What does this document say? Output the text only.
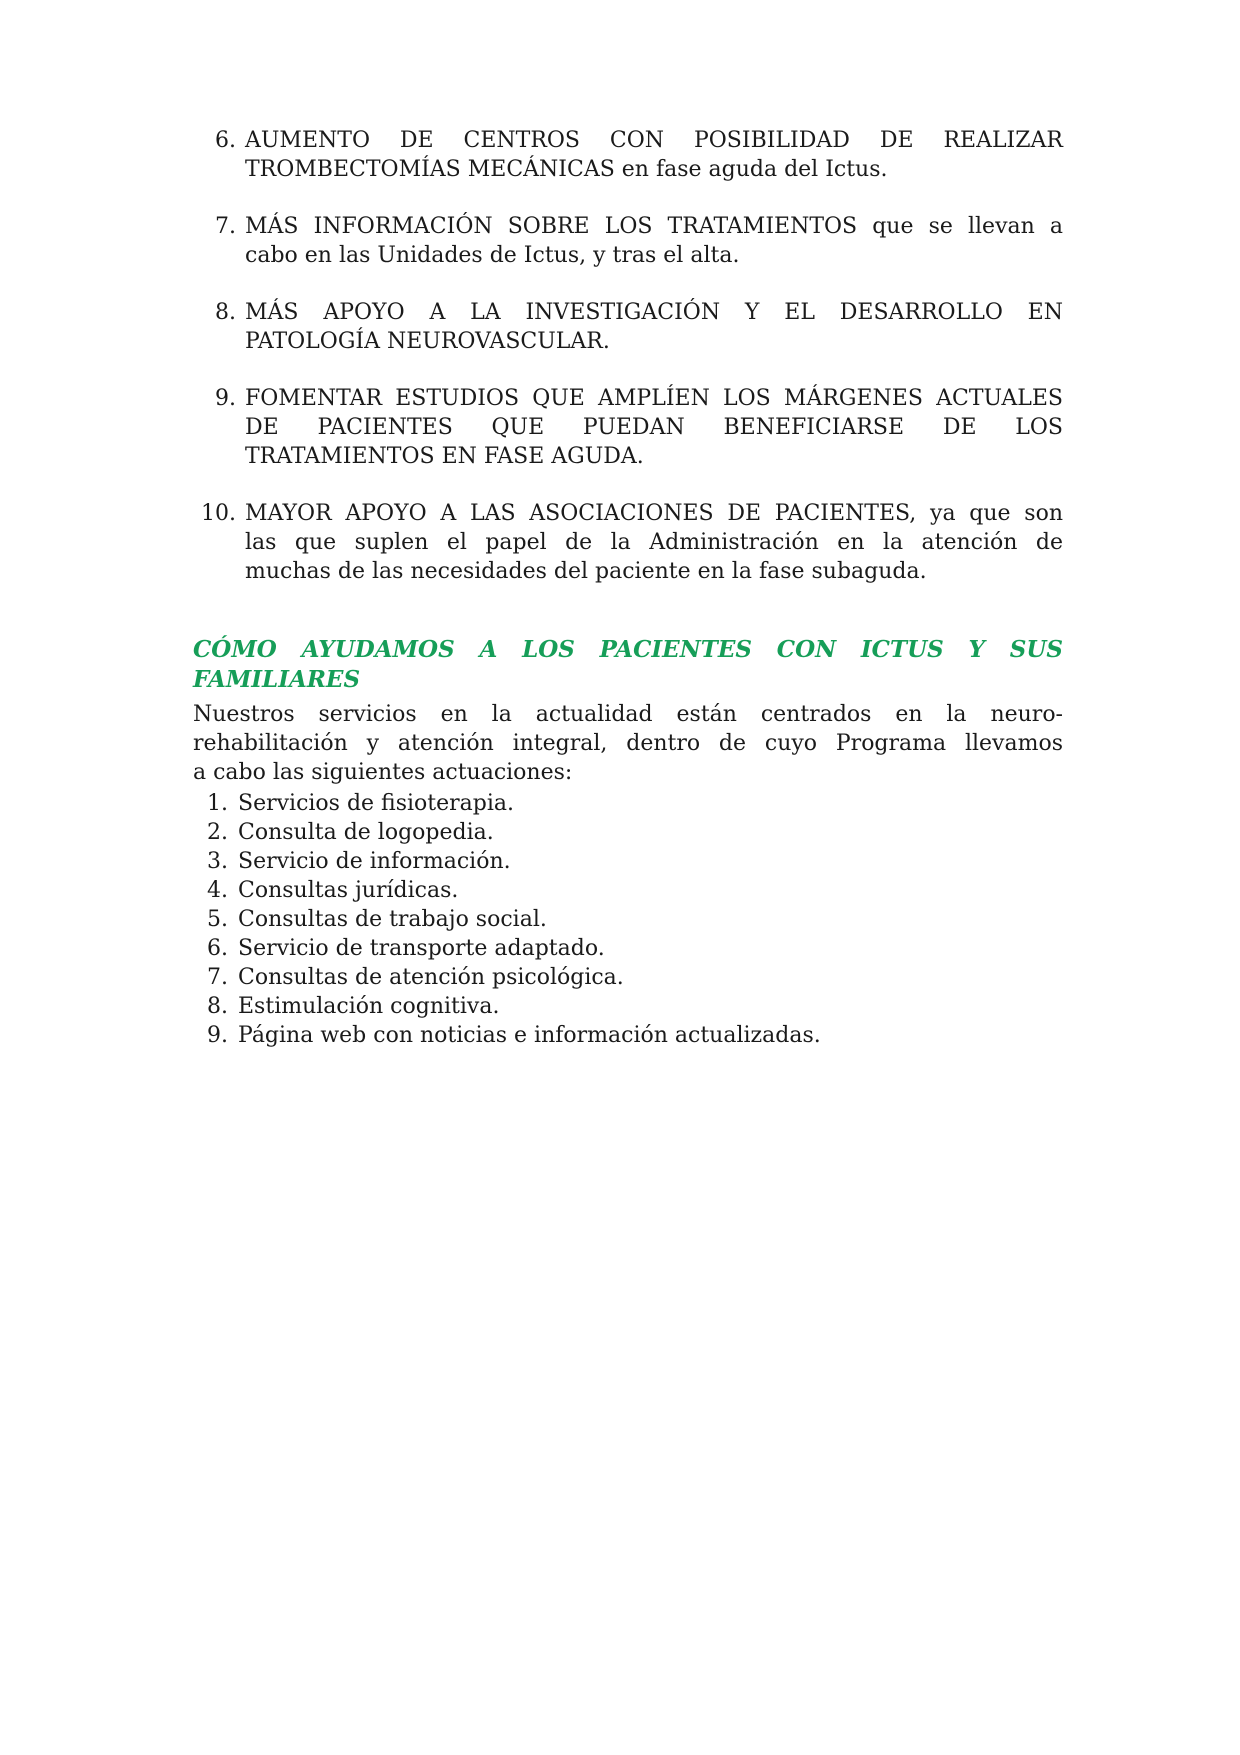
6. AUMENTO DE CENTROS CON POSIBILIDAD DE REALIZAR
TROMBECTOMÍAS MECÁNICAS en fase aguda del Ictus.
7. MÁS INFORMACIÓN SOBRE LOS TRATAMIENTOS que se llevan a
cabo en las Unidades de Ictus, y tras el alta.
8. MÁS APOYO A LA INVESTIGACIÓN Y EL DESARROLLO EN
PATOLOGÍA NEUROVASCULAR.
9. FOMENTAR ESTUDIOS QUE AMPLÍEN LOS MÁRGENES ACTUALES
DE PACIENTES QUE PUEDAN BENEFICIARSE DE LOS
TRATAMIENTOS EN FASE AGUDA.
10. MAYOR APOYO A LAS ASOCIACIONES DE PACIENTES, ya que son
las que suplen el papel de la Administración en la atención de
muchas de las necesidades del paciente en la fase subaguda.
CÓMO AYUDAMOS A LOS PACIENTES CON ICTUS Y SUS
FAMILIARES
Nuestros servicios en la actualidad están centrados en la neuro-
rehabilitación y atención integral, dentro de cuyo Programa llevamos
a cabo las siguientes actuaciones:
1. Servicios de fisioterapia.
2. Consulta de logopedia.
3. Servicio de información.
4. Consultas jurídicas.
5. Consultas de trabajo social.
6. Servicio de transporte adaptado.
7. Consultas de atención psicológica.
8. Estimulación cognitiva.
9. Página web con noticias e información actualizadas.
